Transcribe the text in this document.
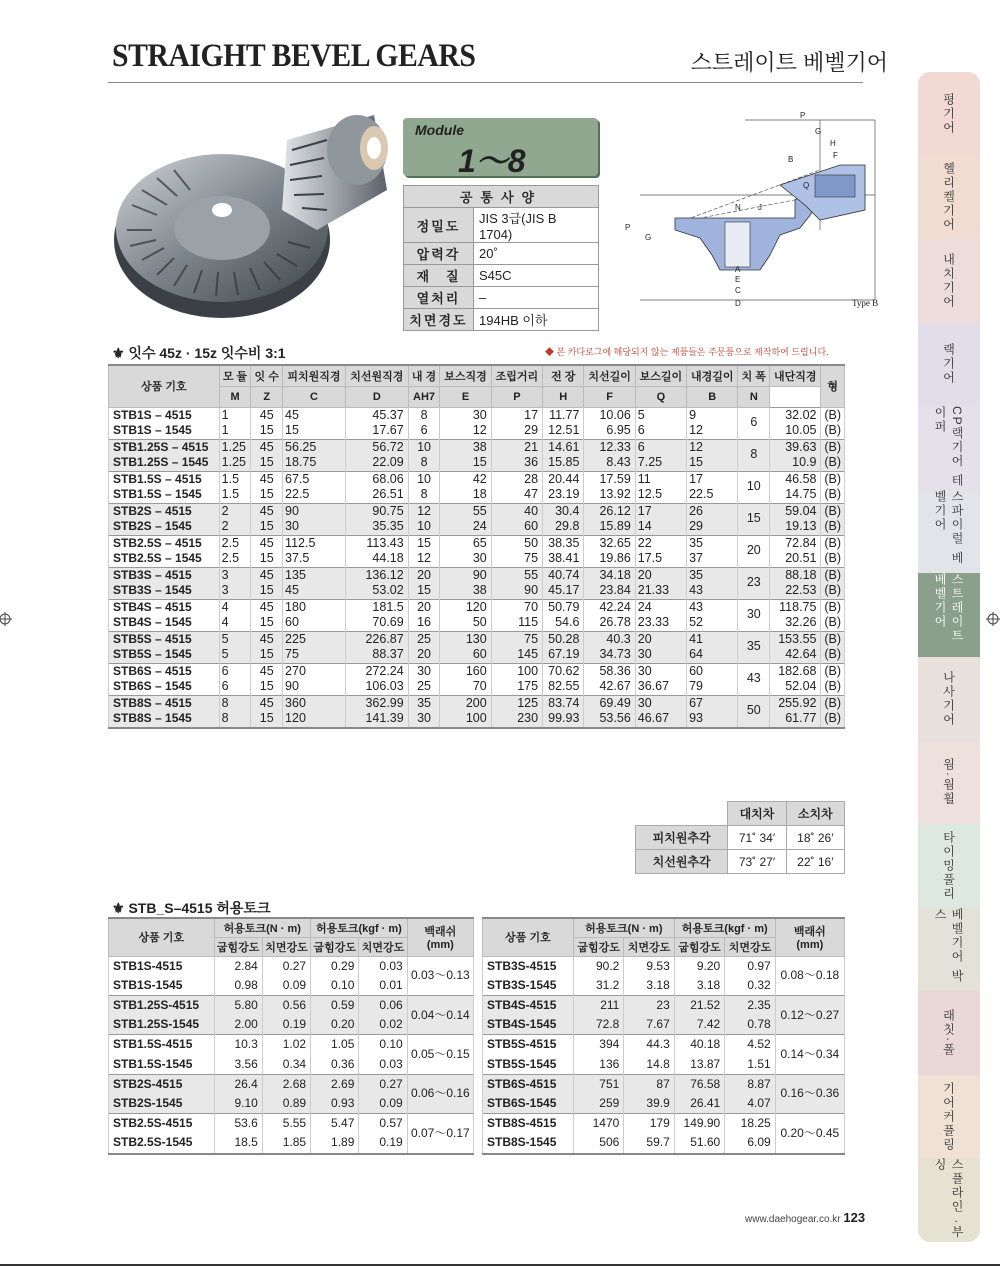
STRAIGHT BEVEL GEARS	스트레이트 베벨기어
Module
1～8
공통사양	
정밀도	JIS 3급(JIS B 1704)
압력각	20˚
재　질	S45C
열처리	–
치면경도	194HB 이하
P
G
H
F
B
Q
N J
A
E
C
D
P
G
Type B
⚜ 잇수 45z · 15z 잇수비 3:1	◆ 본 카다로그에 해당되지 않는 제품들은 주문품으로 제작하여 드립니다.
상품 기호	모 듈	잇 수	피치원직경	치선원직경	내 경	보스직경	조립거리	전 장	치선길이	보스길이	내경길이	치 폭	내단직경	형
	M	Z	C	D	AH7	E	P	H	F	Q	B	N		
STB1S – 4515	1	45	45	45.37	8	30	17	11.77	10.06	5	9	6	32.02	(B)
STB1S – 1545	1	15	15	17.67	6	12	29	12.51	6.95	6	12		10.05	(B)
STB1.25S – 4515	1.25	45	56.25	56.72	10	38	21	14.61	12.33	6	12	8	39.63	(B)
STB1.25S – 1545	1.25	15	18.75	22.09	8	15	36	15.85	8.43	7.25	15		10.9	(B)
STB1.5S – 4515	1.5	45	67.5	68.06	10	42	28	20.44	17.59	11	17	10	46.58	(B)
STB1.5S – 1545	1.5	15	22.5	26.51	8	18	47	23.19	13.92	12.5	22.5		14.75	(B)
STB2S – 4515	2	45	90	90.75	12	55	40	30.4	26.12	17	26	15	59.04	(B)
STB2S – 1545	2	15	30	35.35	10	24	60	29.8	15.89	14	29		19.13	(B)
STB2.5S – 4515	2.5	45	112.5	113.43	15	65	50	38.35	32.65	22	35	20	72.84	(B)
STB2.5S – 1545	2.5	15	37.5	44.18	12	30	75	38.41	19.86	17.5	37		20.51	(B)
STB3S – 4515	3	45	135	136.12	20	90	55	40.74	34.18	20	35	23	88.18	(B)
STB3S – 1545	3	15	45	53.02	15	38	90	45.17	23.84	21.33	43		22.53	(B)
STB4S – 4515	4	45	180	181.5	20	120	70	50.79	42.24	24	43	30	118.75	(B)
STB4S – 1545	4	15	60	70.69	16	50	115	54.6	26.78	23.33	52		32.26	(B)
STB5S – 4515	5	45	225	226.87	25	130	75	50.28	40.3	20	41	35	153.55	(B)
STB5S – 1545	5	15	75	88.37	20	60	145	67.19	34.73	30	64		42.64	(B)
STB6S – 4515	6	45	270	272.24	30	160	100	70.62	58.36	30	60	43	182.68	(B)
STB6S – 1545	6	15	90	106.03	25	70	175	82.55	42.67	36.67	79		52.04	(B)
STB8S – 4515	8	45	360	362.99	35	200	125	83.74	69.49	30	67	50	255.92	(B)
STB8S – 1545	8	15	120	141.39	30	100	230	99.93	53.56	46.67	93		61.77	(B)
	대치차	소치차
피치원추각	71˚ 34′	18˚ 26′
치선원추각	73˚ 27′	22˚ 16′
⚜ STB_S–4515 허용토크
상품 기호	허용토크(N · m)		허용토크(kgf · m)		백래쉬
(mm)
	굽힘강도	치면강도	굽힘강도	치면강도	
STB1S-4515	2.84	0.27	0.29	0.03	0.03～0.13
STB1S-1545	0.98	0.09	0.10	0.01	
STB1.25S-4515	5.80	0.56	0.59	0.06	0.04～0.14
STB1.25S-1545	2.00	0.19	0.20	0.02	
STB1.5S-4515	10.3	1.02	1.05	0.10	0.05～0.15
STB1.5S-1545	3.56	0.34	0.36	0.03	
STB2S-4515	26.4	2.68	2.69	0.27	0.06～0.16
STB2S-1545	9.10	0.89	0.93	0.09	
STB2.5S-4515	53.6	5.55	5.47	0.57	0.07～0.17
STB2.5S-1545	18.5	1.85	1.89	0.19	
상품 기호	허용토크(N · m)		허용토크(kgf · m)		백래쉬
(mm)
	굽힘강도	치면강도	굽힘강도	치면강도	
STB3S-4515	90.2	9.53	9.20	0.97	0.08～0.18
STB3S-1545	31.2	3.18	3.18	0.32	
STB4S-4515	211	23	21.52	2.35	0.12～0.27
STB4S-1545	72.8	7.67	7.42	0.78	
STB5S-4515	394	44.3	40.18	4.52	0.14～0.34
STB5S-1545	136	14.8	13.87	1.51	
STB6S-4515	751	87	76.58	8.87	0.16～0.36
STB6S-1545	259	39.9	26.41	4.07	
STB8S-4515	1470	179	149.90	18.25	0.20～0.45
STB8S-1545	506	59.7	51.60	6.09	
평기어
헬리켈기어
내치기어
랙기어
CP랙기어 테이퍼
스파이럴 베벨기어
스트레이트 베벨기어
나사기어
웜·웜휠
타이밍풀리
베벨기어 박스
래칫·폴
기어커플링
스플라인 ·부싱
www.daehogear.co.kr 123
